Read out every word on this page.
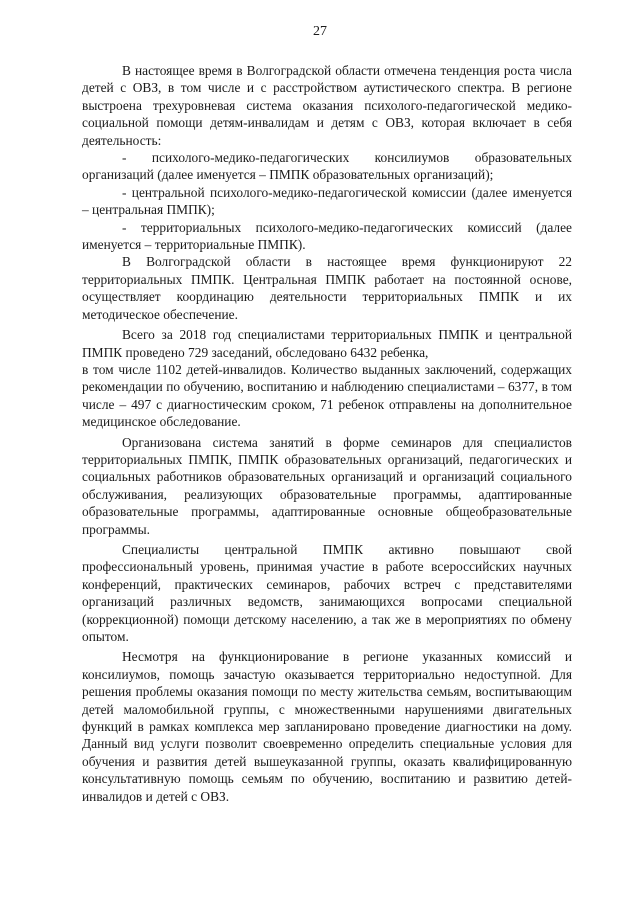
27

В настоящее время в Волгоградской области отмечена тенденция роста числа детей с ОВЗ, в том числе и с расстройством аутистического спектра. В регионе выстроена трехуровневая система оказания психолого-педагогической медико-социальной помощи детям-инвалидам и детям с ОВЗ, которая включает в себя деятельность:

- психолого-медико-педагогических консилиумов образовательных организаций (далее именуется – ПМПК образовательных организаций);

- центральной психолого-медико-педагогической комиссии (далее именуется – центральная ПМПК);

- территориальных психолого-медико-педагогических комиссий (далее именуется – территориальные ПМПК).

В Волгоградской области в настоящее время функционируют 22 территориальных ПМПК. Центральная ПМПК работает на постоянной основе, осуществляет координацию деятельности территориальных ПМПК и их методическое обеспечение.

Всего за 2018 год специалистами территориальных ПМПК и центральной ПМПК проведено 729 заседаний, обследовано 6432 ребенка,

в том числе 1102 детей-инвалидов. Количество выданных заключений, содержащих рекомендации по обучению, воспитанию и наблюдению специалистами – 6377, в том числе – 497 с диагностическим сроком, 71 ребенок отправлены на дополнительное медицинское обследование.

Организована система занятий в форме семинаров для специалистов территориальных ПМПК, ПМПК образовательных организаций, педагогических и социальных работников образовательных организаций и организаций социального обслуживания, реализующих образовательные программы, адаптированные образовательные программы, адаптированные основные общеобразовательные программы.

Специалисты центральной ПМПК активно повышают свой профессиональный уровень, принимая участие в работе всероссийских научных конференций, практических семинаров, рабочих встреч с представителями организаций различных ведомств, занимающихся вопросами специальной (коррекционной) помощи детскому населению, а так же в мероприятиях по обмену опытом.

Несмотря на функционирование в регионе указанных комиссий и консилиумов, помощь зачастую оказывается территориально недоступной. Для решения проблемы оказания помощи по месту жительства семьям, воспитывающим детей маломобильной группы, с множественными нарушениями двигательных функций в рамках комплекса мер запланировано проведение диагностики на дому. Данный вид услуги позволит своевременно определить специальные условия для обучения и развития детей вышеуказанной группы, оказать квалифицированную консультативную помощь семьям по обучению, воспитанию и развитию детей-инвалидов и детей с ОВЗ.
